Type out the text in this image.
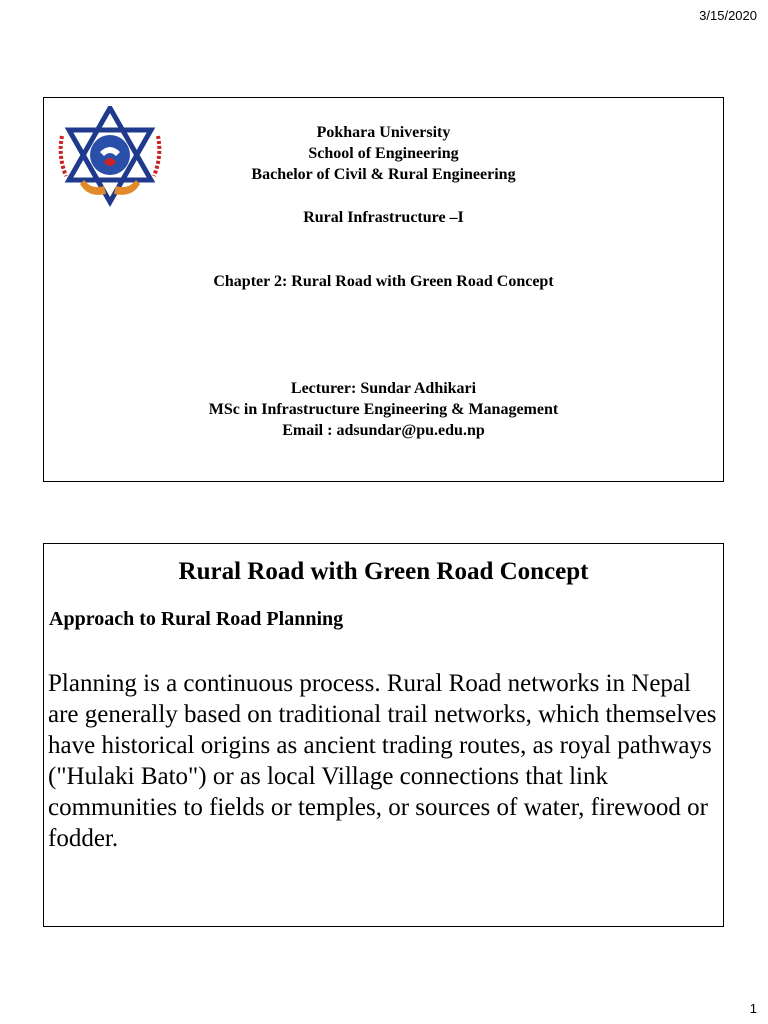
3/15/2020
Pokhara University
School of Engineering
Bachelor of Civil & Rural Engineering
Rural Infrastructure –I
Chapter 2: Rural Road with Green Road Concept
Lecturer: Sundar Adhikari
MSc in Infrastructure Engineering & Management
Email : adsundar@pu.edu.np
Rural Road with Green Road Concept
Approach to Rural Road Planning
Planning is a continuous process. Rural Road networks in Nepal are generally based on traditional trail networks, which themselves have historical origins as ancient trading routes, as royal pathways ("Hulaki Bato") or as local Village connections that link communities to fields or temples, or sources of water, firewood or fodder.
1
